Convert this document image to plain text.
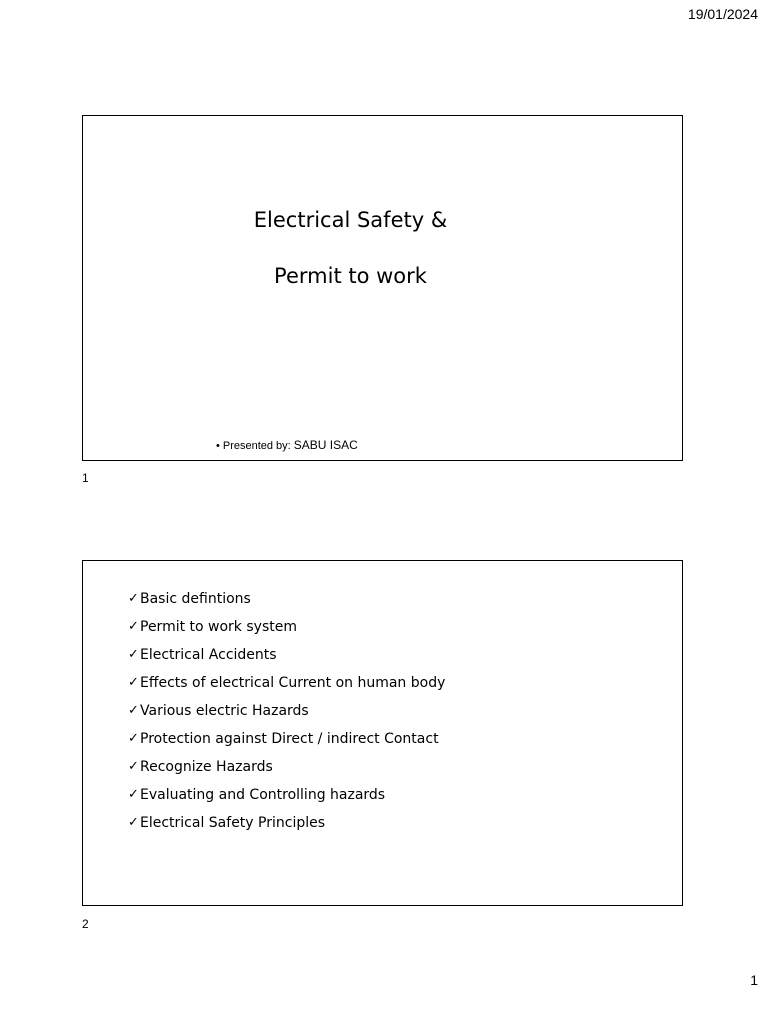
19/01/2024
Electrical Safety &
Permit to work
• Presented by: SABU ISAC
1
✓ Basic defintions
✓ Permit to work system
✓ Electrical Accidents
✓ Effects of electrical Current on human body
✓ Various electric Hazards
✓ Protection against Direct / indirect Contact
✓ Recognize Hazards
✓ Evaluating and Controlling hazards
✓ Electrical Safety Principles
2
1
